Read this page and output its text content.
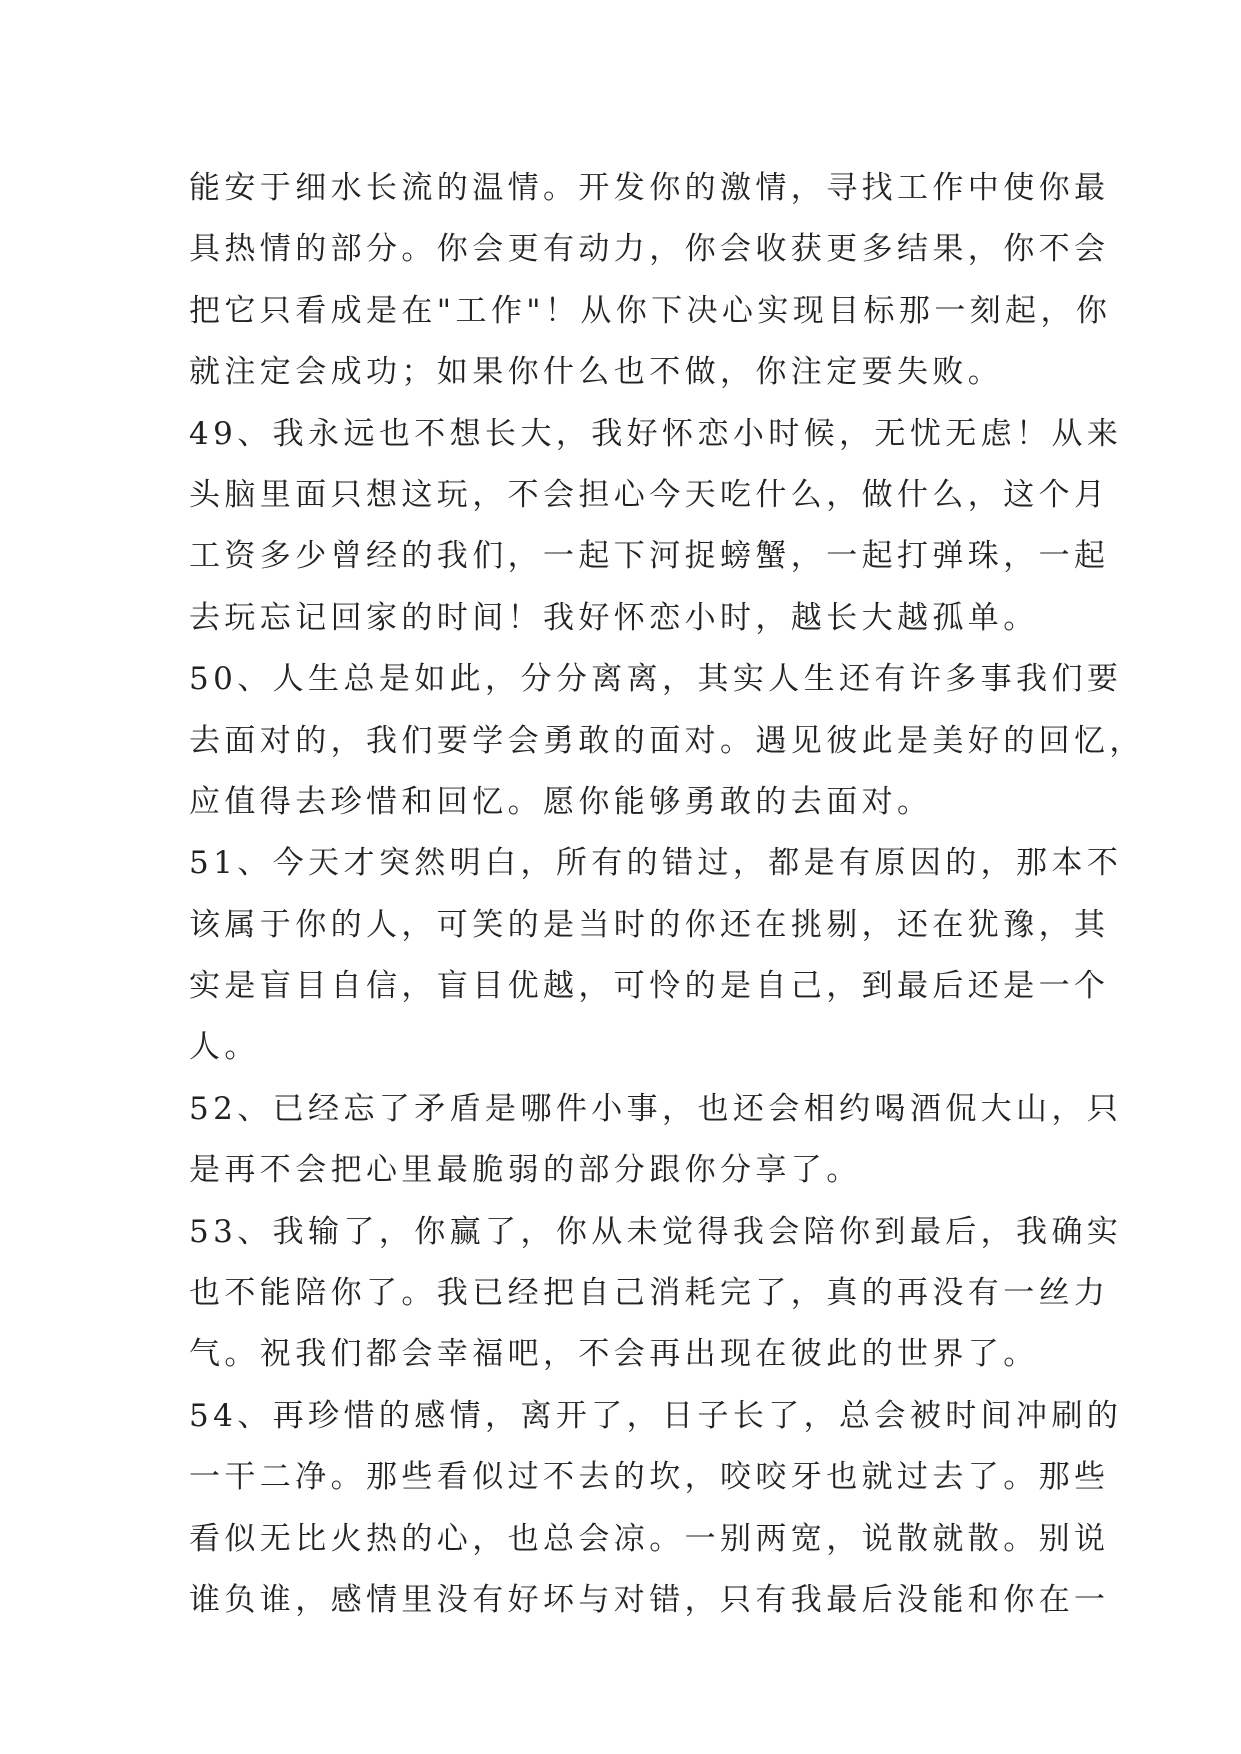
能安于细水长流的温情。开发你的激情，寻找工作中使你最
具热情的部分。你会更有动力，你会收获更多结果，你不会
把它只看成是在"工作"！从你下决心实现目标那一刻起，你
就注定会成功；如果你什么也不做，你注定要失败。
49、我永远也不想长大，我好怀恋小时候，无忧无虑！从来
头脑里面只想这玩，不会担心今天吃什么，做什么，这个月
工资多少曾经的我们，一起下河捉螃蟹，一起打弹珠，一起
去玩忘记回家的时间！我好怀恋小时，越长大越孤单。
50、人生总是如此，分分离离，其实人生还有许多事我们要
去面对的，我们要学会勇敢的面对。遇见彼此是美好的回忆，
应值得去珍惜和回忆。愿你能够勇敢的去面对。
51、今天才突然明白，所有的错过，都是有原因的，那本不
该属于你的人，可笑的是当时的你还在挑剔，还在犹豫，其
实是盲目自信，盲目优越，可怜的是自己，到最后还是一个
人。
52、已经忘了矛盾是哪件小事，也还会相约喝酒侃大山，只
是再不会把心里最脆弱的部分跟你分享了。
53、我输了，你赢了，你从未觉得我会陪你到最后，我确实
也不能陪你了。我已经把自己消耗完了，真的再没有一丝力
气。祝我们都会幸福吧，不会再出现在彼此的世界了。
54、再珍惜的感情，离开了，日子长了，总会被时间冲刷的
一干二净。那些看似过不去的坎，咬咬牙也就过去了。那些
看似无比火热的心，也总会凉。一别两宽，说散就散。别说
谁负谁，感情里没有好坏与对错，只有我最后没能和你在一
